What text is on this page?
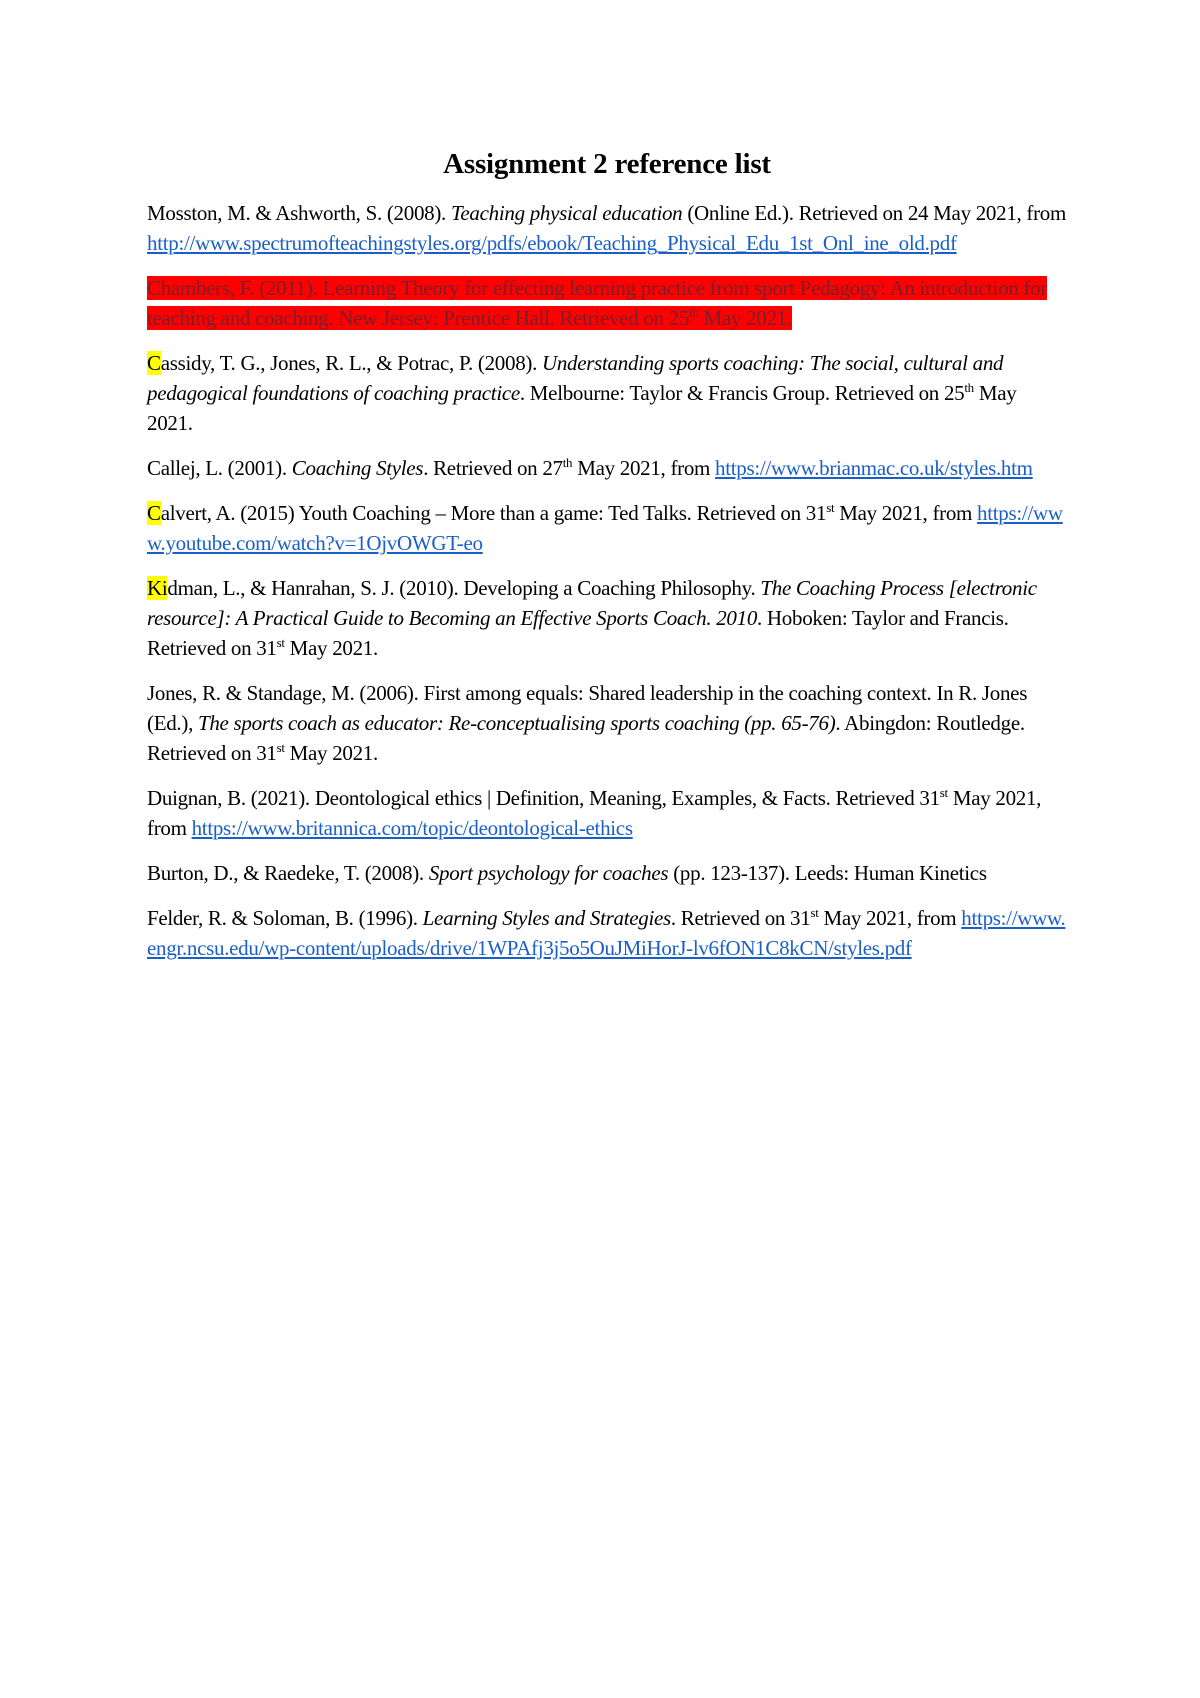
Assignment 2 reference list

Mosston, M. & Ashworth, S. (2008). Teaching physical education (Online Ed.). Retrieved on 24 May 2021, from http://www.spectrumofteachingstyles.org/pdfs/ebook/Teaching_Physical_Edu_1st_Onl_ine_old.pdf

Chambers, F. (2011). Learning Theory for effecting learning practice from sport Pedagogy: An introduction for teaching and coaching. New Jersey: Prentice Hall. Retrieved on 25th May 2021.

Cassidy, T. G., Jones, R. L., & Potrac, P. (2008). Understanding sports coaching: The social, cultural and pedagogical foundations of coaching practice. Melbourne: Taylor & Francis Group. Retrieved on 25th May 2021.

Callej, L. (2001). Coaching Styles. Retrieved on 27th May 2021, from https://www.brianmac.co.uk/styles.htm

Calvert, A. (2015) Youth Coaching – More than a game: Ted Talks. Retrieved on 31st May 2021, from https://www.youtube.com/watch?v=1OjvOWGT-eo

Kidman, L., & Hanrahan, S. J. (2010). Developing a Coaching Philosophy. The Coaching Process [electronic resource]: A Practical Guide to Becoming an Effective Sports Coach. 2010. Hoboken: Taylor and Francis. Retrieved on 31st May 2021.

Jones, R. & Standage, M. (2006). First among equals: Shared leadership in the coaching context. In R. Jones (Ed.), The sports coach as educator: Re-conceptualising sports coaching (pp. 65-76). Abingdon: Routledge. Retrieved on 31st May 2021.

Duignan, B. (2021). Deontological ethics | Definition, Meaning, Examples, & Facts. Retrieved 31st May 2021, from https://www.britannica.com/topic/deontological-ethics

Burton, D., & Raedeke, T. (2008). Sport psychology for coaches (pp. 123-137). Leeds: Human Kinetics

Felder, R. & Soloman, B. (1996). Learning Styles and Strategies. Retrieved on 31st May 2021, from https://www.engr.ncsu.edu/wp-content/uploads/drive/1WPAfj3j5o5OuJMiHorJ-lv6fON1C8kCN/styles.pdf
